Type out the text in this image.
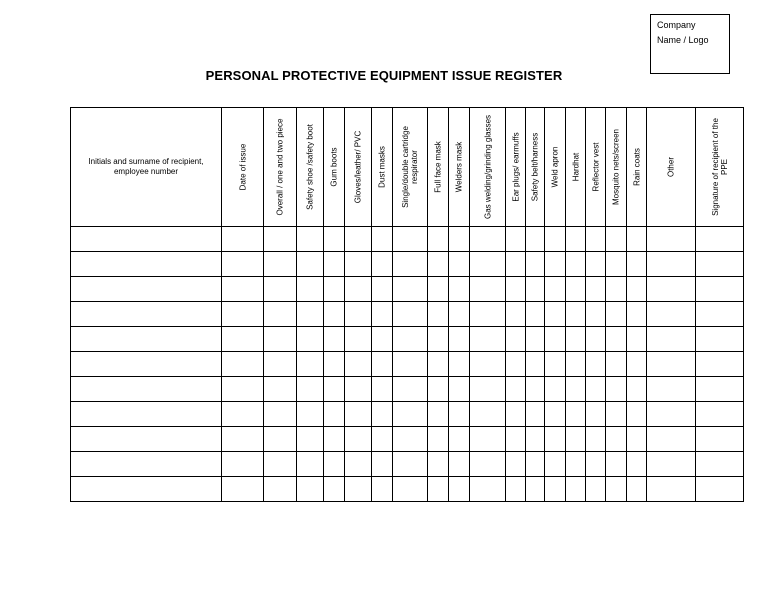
Company
Name / Logo
PERSONAL PROTECTIVE EQUIPMENT ISSUE REGISTER
Initials and surname of recipient, employee number	Date of issue	Overall / one and two piece	Safety shoe /safety boot	Gum boots	Gloves/leather/ PVC	Dust masks	Single/double cartridge respirator	Full face mask	Welders mask	Gas welding/grinding glasses	Ear plugs/ earmuffs	Safety belt/harness	Weld apron	Hardhat	Reflector vest	Mosquito nets/screen	Rain coats	Other	Signature of recipient of the PPE
